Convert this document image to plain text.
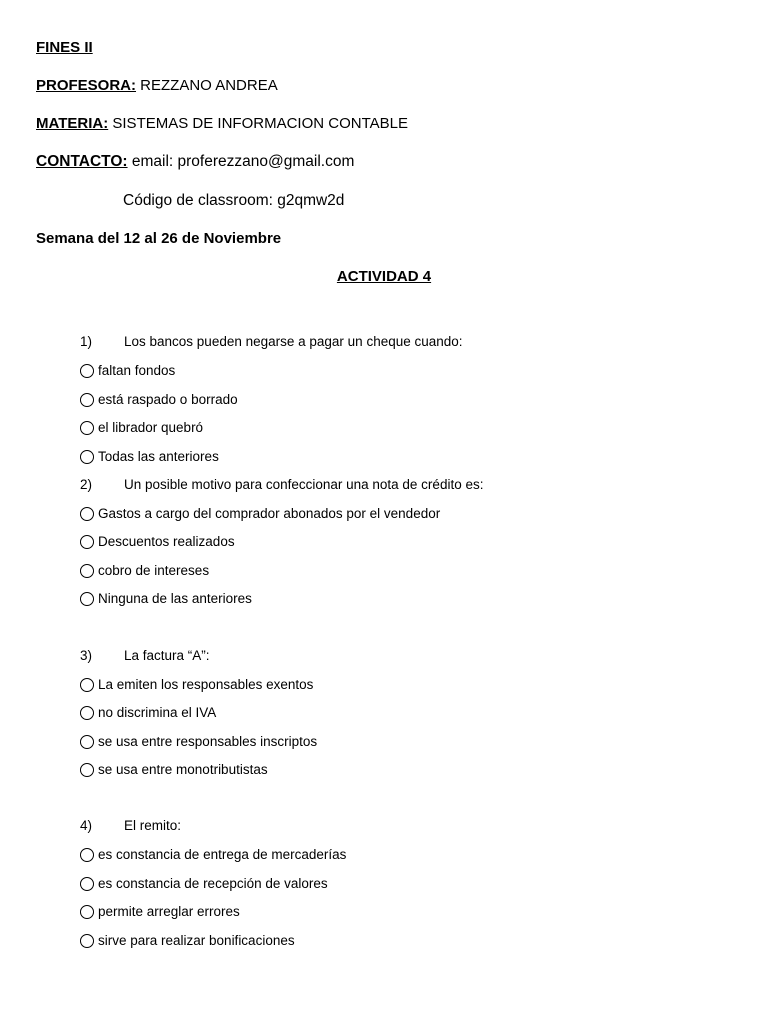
FINES II
PROFESORA: REZZANO ANDREA
MATERIA: SISTEMAS DE INFORMACION CONTABLE
CONTACTO: email: proferezzano@gmail.com
Código de classroom: g2qmw2d
Semana del 12 al 26 de Noviembre
ACTIVIDAD 4
1) Los bancos pueden negarse a pagar un cheque cuando:
faltan fondos
está raspado o borrado
el librador quebró
Todas las anteriores
2) Un posible motivo para confeccionar una nota de crédito es:
Gastos a cargo del comprador abonados por el vendedor
Descuentos realizados
cobro de intereses
Ninguna de las anteriores
3) La factura “A”:
La emiten los responsables exentos
no discrimina el IVA
se usa entre responsables inscriptos
se usa entre monotributistas
4) El remito:
es constancia de entrega de mercaderías
es constancia de recepción de valores
permite arreglar errores
sirve para realizar bonificaciones
